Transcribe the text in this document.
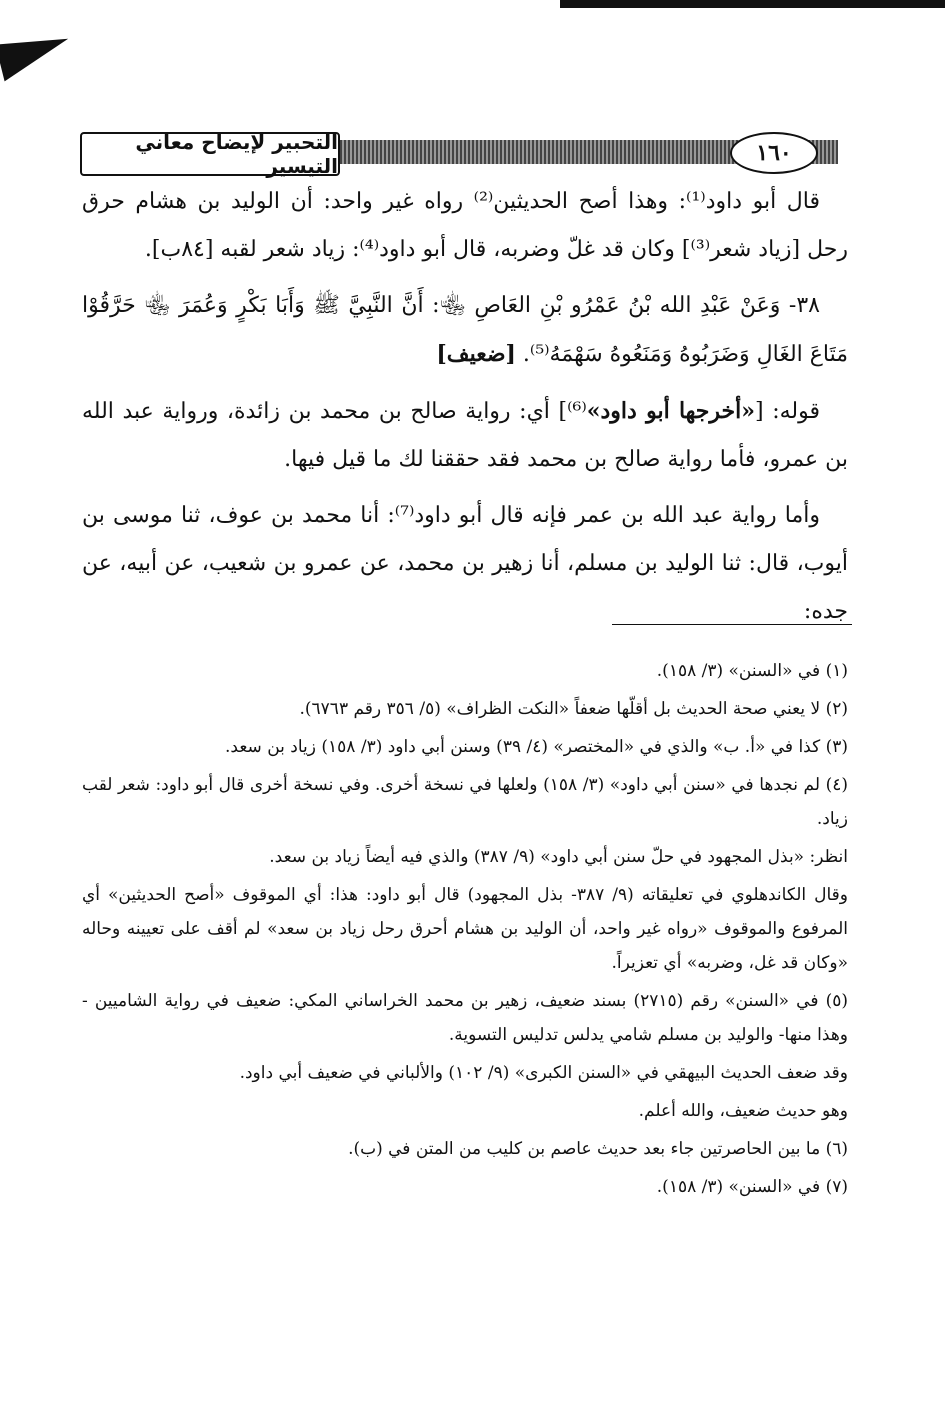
التحبير لإيضاح معاني التيسير	١٦٠

قال أبو داود⁽¹⁾: وهذا أصح الحديثين⁽²⁾ رواه غير واحد: أن الوليد بن هشام حرق رحل [زياد شعر⁽³⁾] وكان قد غلّ وضربه، قال أبو داود⁽⁴⁾: زياد شعر لقبه [٨٤ب].

٣٨- وَعَنْ عَبْدِ الله بْنُ عَمْرُو بْنِ العَاصِ ﵄: أَنَّ النَّبِيَّ ﷺ وَأَبَا بَكْرٍ وَعُمَرَ ﵄ حَرَّقُوْا مَتَاعَ الغَالِ وَضَرَبُوهُ وَمَنَعُوهُ سَهْمَهُ⁽⁵⁾. [ضعيف]

قوله: [«أخرجها أبو داود»⁽⁶⁾] أي: رواية صالح بن محمد بن زائدة، ورواية عبد الله بن عمرو، فأما رواية صالح بن محمد فقد حققنا لك ما قيل فيها.

وأما رواية عبد الله بن عمر فإنه قال أبو داود⁽⁷⁾: أنا محمد بن عوف، ثنا موسى بن أيوب، قال: ثنا الوليد بن مسلم، أنا زهير بن محمد، عن عمرو بن شعيب، عن أبيه، عن جده:

(١) في «السنن» (٣/ ١٥٨).

(٢) لا يعني صحة الحديث بل أقلّها ضعفاً «النكت الظراف» (٥/ ٣٥٦ رقم ٦٧٦٣).

(٣) كذا في «أ. ب» والذي في «المختصر» (٤/ ٣٩) وسنن أبي داود (٣/ ١٥٨) زياد بن سعد.

(٤) لم نجدها في «سنن أبي داود» (٣/ ١٥٨) ولعلها في نسخة أخرى. وفي نسخة أخرى قال أبو داود: شعر لقب زياد.

انظر: «بذل المجهود في حلّ سنن أبي داود» (٩/ ٣٨٧) والذي فيه أيضاً زياد بن سعد.

وقال الكاندهلوي في تعليقاته (٩/ ٣٨٧- بذل المجهود) قال أبو داود: هذا: أي الموقوف «أصح الحديثين» أي المرفوع والموقوف «رواه غير واحد، أن الوليد بن هشام أحرق رحل زياد بن سعد» لم أقف على تعيينه وحاله «وكان قد غل، وضربه» أي تعزيراً.

(٥) في «السنن» رقم (٢٧١٥) بسند ضعيف، زهير بن محمد الخراساني المكي: ضعيف في رواية الشاميين - وهذا منها- والوليد بن مسلم شامي يدلس تدليس التسوية.

وقد ضعف الحديث البيهقي في «السنن الكبرى» (٩/ ١٠٢) والألباني في ضعيف أبي داود.

وهو حديث ضعيف، والله أعلم.

(٦) ما بين الحاصرتين جاء بعد حديث عاصم بن كليب من المتن في (ب).

(٧) في «السنن» (٣/ ١٥٨).
